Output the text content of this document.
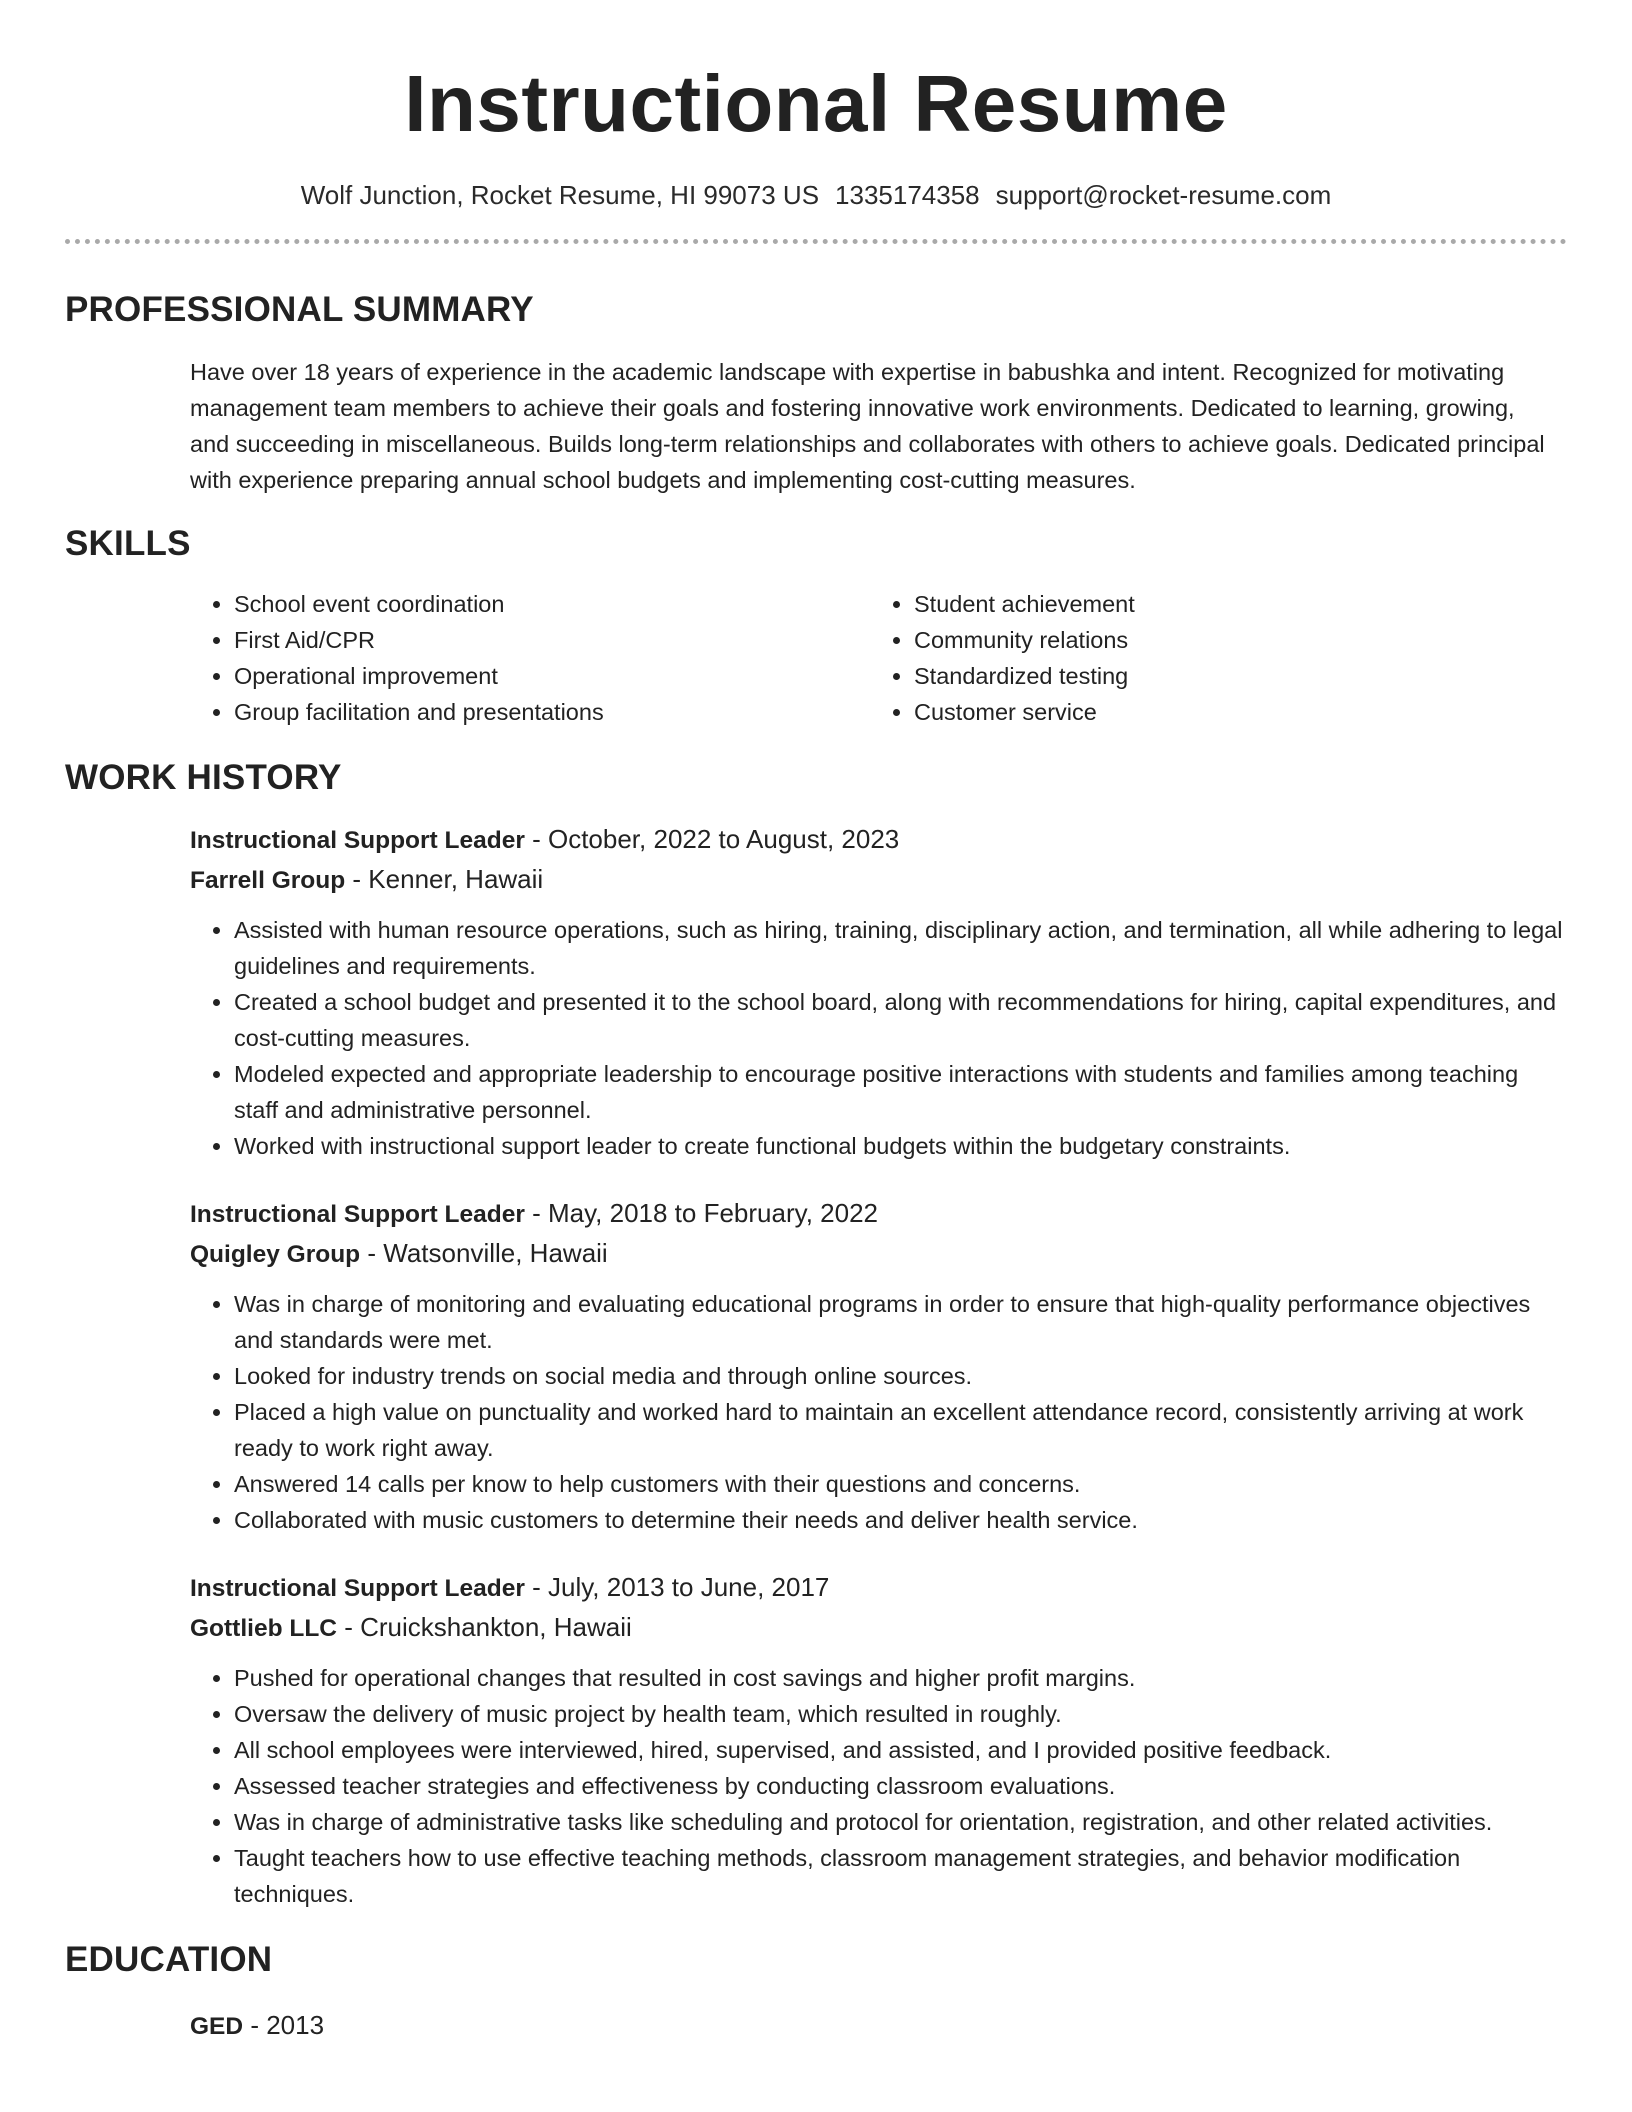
Instructional Resume
Wolf Junction, Rocket Resume, HI 99073 US 1335174358 support@rocket-resume.com
PROFESSIONAL SUMMARY
Have over 18 years of experience in the academic landscape with expertise in babushka and intent. Recognized for motivating management team members to achieve their goals and fostering innovative work environments. Dedicated to learning, growing, and succeeding in miscellaneous. Builds long-term relationships and collaborates with others to achieve goals. Dedicated principal with experience preparing annual school budgets and implementing cost-cutting measures.
SKILLS
• School event coordination
• First Aid/CPR
• Operational improvement
• Group facilitation and presentations
• Student achievement
• Community relations
• Standardized testing
• Customer service
WORK HISTORY
Instructional Support Leader - October, 2022 to August, 2023
Farrell Group - Kenner, Hawaii
• Assisted with human resource operations, such as hiring, training, disciplinary action, and termination, all while adhering to legal guidelines and requirements.
• Created a school budget and presented it to the school board, along with recommendations for hiring, capital expenditures, and cost-cutting measures.
• Modeled expected and appropriate leadership to encourage positive interactions with students and families among teaching staff and administrative personnel.
• Worked with instructional support leader to create functional budgets within the budgetary constraints.
Instructional Support Leader - May, 2018 to February, 2022
Quigley Group - Watsonville, Hawaii
• Was in charge of monitoring and evaluating educational programs in order to ensure that high-quality performance objectives and standards were met.
• Looked for industry trends on social media and through online sources.
• Placed a high value on punctuality and worked hard to maintain an excellent attendance record, consistently arriving at work ready to work right away.
• Answered 14 calls per know to help customers with their questions and concerns.
• Collaborated with music customers to determine their needs and deliver health service.
Instructional Support Leader - July, 2013 to June, 2017
Gottlieb LLC - Cruickshankton, Hawaii
• Pushed for operational changes that resulted in cost savings and higher profit margins.
• Oversaw the delivery of music project by health team, which resulted in roughly.
• All school employees were interviewed, hired, supervised, and assisted, and I provided positive feedback.
• Assessed teacher strategies and effectiveness by conducting classroom evaluations.
• Was in charge of administrative tasks like scheduling and protocol for orientation, registration, and other related activities.
• Taught teachers how to use effective teaching methods, classroom management strategies, and behavior modification techniques.
EDUCATION
GED - 2013
